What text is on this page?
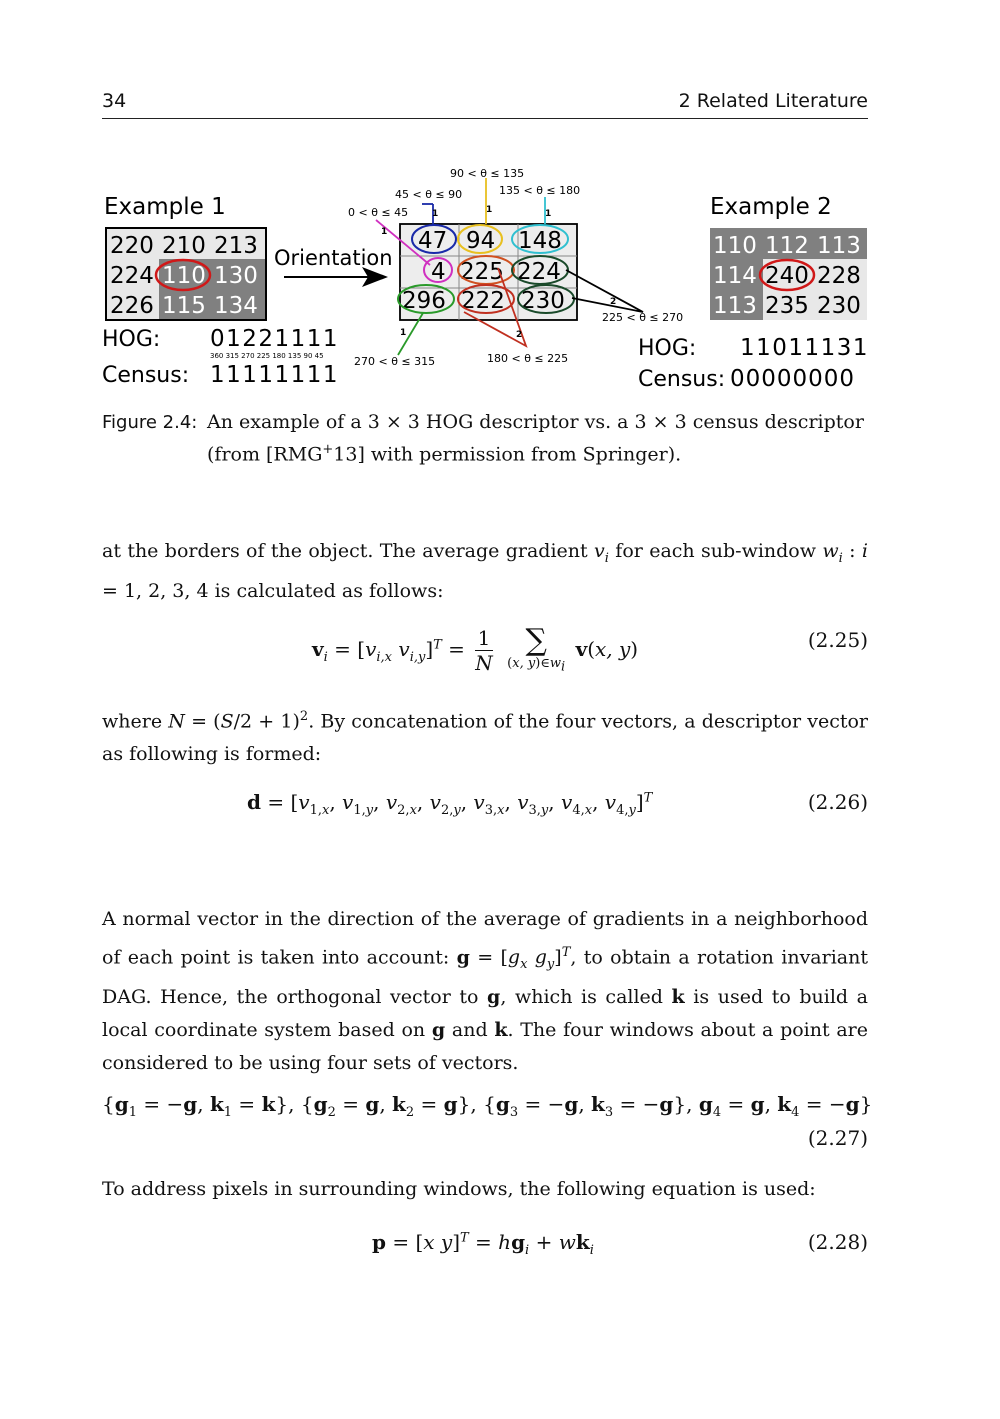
34	2 Related Literature
Example 1
220 210 213
224 110 130
226 115 134
HOG: 01221111
360 315 270 225 180 135 90 45
Census: 11111111
Orientation
47 94 148
4 225 224
296 222 230
90 < θ ≤ 135
45 < θ ≤ 90	135 < θ ≤ 180
0 < θ ≤ 45
225 < θ ≤ 270
180 < θ ≤ 225
270 < θ ≤ 315
1	1	1
1
2
2
1
Example 2
110 112 113
114 240 228
113 235 230
HOG: 11011131
Census: 00000000
Figure 2.4: An example of a 3 × 3 HOG descriptor vs. a 3 × 3 census descriptor
(from [RMG+13] with permission from Springer).
at the borders of the object. The average gradient $v_i$ for each sub-window $w_i$ : i = 1, 2, 3, 4 is calculated as follows:
$v_i = [v_{i,x}$ $v_{i,y}]^T = \frac{1}{N}$
	∑
(x, $y)\in w_i$
v(x, y)	(2.25)
where $N = (S/2 + 1)^2$. By concatenation of the four vectors, a descriptor vector as following is formed:
$d = [v_{1,x}$, $v_{1,y}$, $v_{2,x}$, $v_{2,y}$, $v_{3,x}$, $v_{3,y}$, $v_{4,x}$, $v_{4,y}]^T$	(2.26)
A normal vector in the direction of the average of gradients in a neighborhood of each point is taken into account: $g = [g_x$ $g_y]^T$, to obtain a rotation invariant DAG. Hence, the orthogonal vector to g, which is called k is used to build a local coordinate system based on g and k. The four windows about a point are considered to be using four sets of vectors.
{$g_1 = -g$, $k_1 = k$}, {$g_2 = g$, $k_2 = g$}, {$g_3 = -g$, $k_3 = -g$}, $g_4 = g$, $k_4 = -g$}
(2.27)
To address pixels in surrounding windows, the following equation is used:
p = [x $y]^T = hg_i + wk_i$	(2.28)
